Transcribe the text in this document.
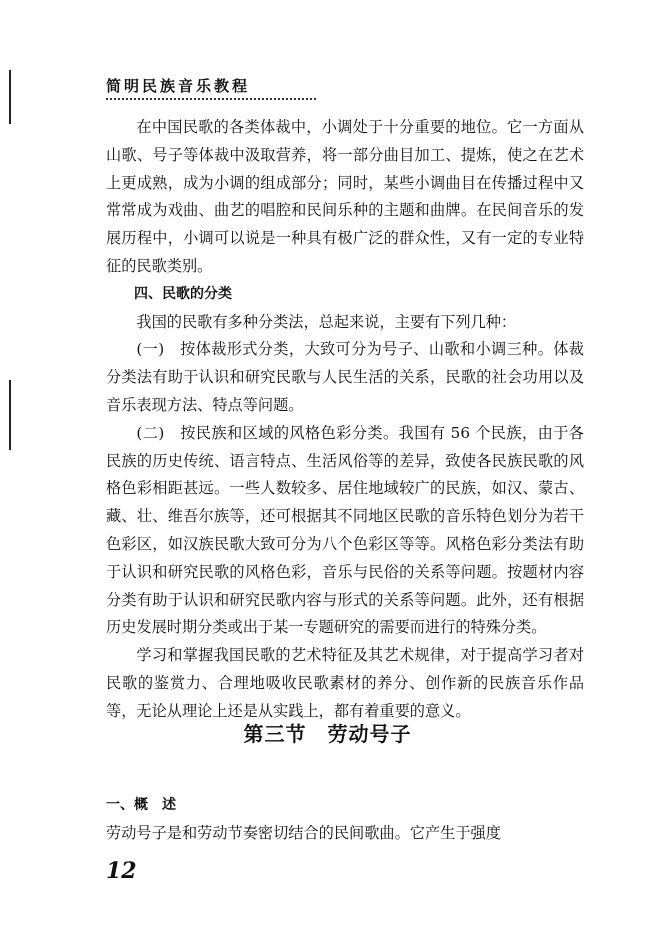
简明民族音乐教程

在中国民歌的各类体裁中，小调处于十分重要的地位。它一方面从山歌、号子等体裁中汲取营养，将一部分曲目加工、提炼，使之在艺术上更成熟，成为小调的组成部分；同时，某些小调曲目在传播过程中又常常成为戏曲、曲艺的唱腔和民间乐种的主题和曲牌。在民间音乐的发展历程中，小调可以说是一种具有极广泛的群众性，又有一定的专业特征的民歌类别。

四、民歌的分类

我国的民歌有多种分类法，总起来说，主要有下列几种：

(一)　按体裁形式分类，大致可分为号子、山歌和小调三种。体裁分类法有助于认识和研究民歌与人民生活的关系，民歌的社会功用以及音乐表现方法、特点等问题。

(二)　按民族和区域的风格色彩分类。我国有 56 个民族，由于各民族的历史传统、语言特点、生活风俗等的差异，致使各民族民歌的风格色彩相距甚远。一些人数较多、居住地域较广的民族，如汉、蒙古、藏、壮、维吾尔族等，还可根据其不同地区民歌的音乐特色划分为若干色彩区，如汉族民歌大致可分为八个色彩区等等。风格色彩分类法有助于认识和研究民歌的风格色彩，音乐与民俗的关系等问题。按题材内容分类有助于认识和研究民歌内容与形式的关系等问题。此外，还有根据历史发展时期分类或出于某一专题研究的需要而进行的特殊分类。

学习和掌握我国民歌的艺术特征及其艺术规律，对于提高学习者对民歌的鉴赏力、合理地吸收民歌素材的养分、创作新的民族音乐作品等，无论从理论上还是从实践上，都有着重要的意义。

第三节　劳动号子
一、概　述
劳动号子是和劳动节奏密切结合的民间歌曲。它产生于强度
12
